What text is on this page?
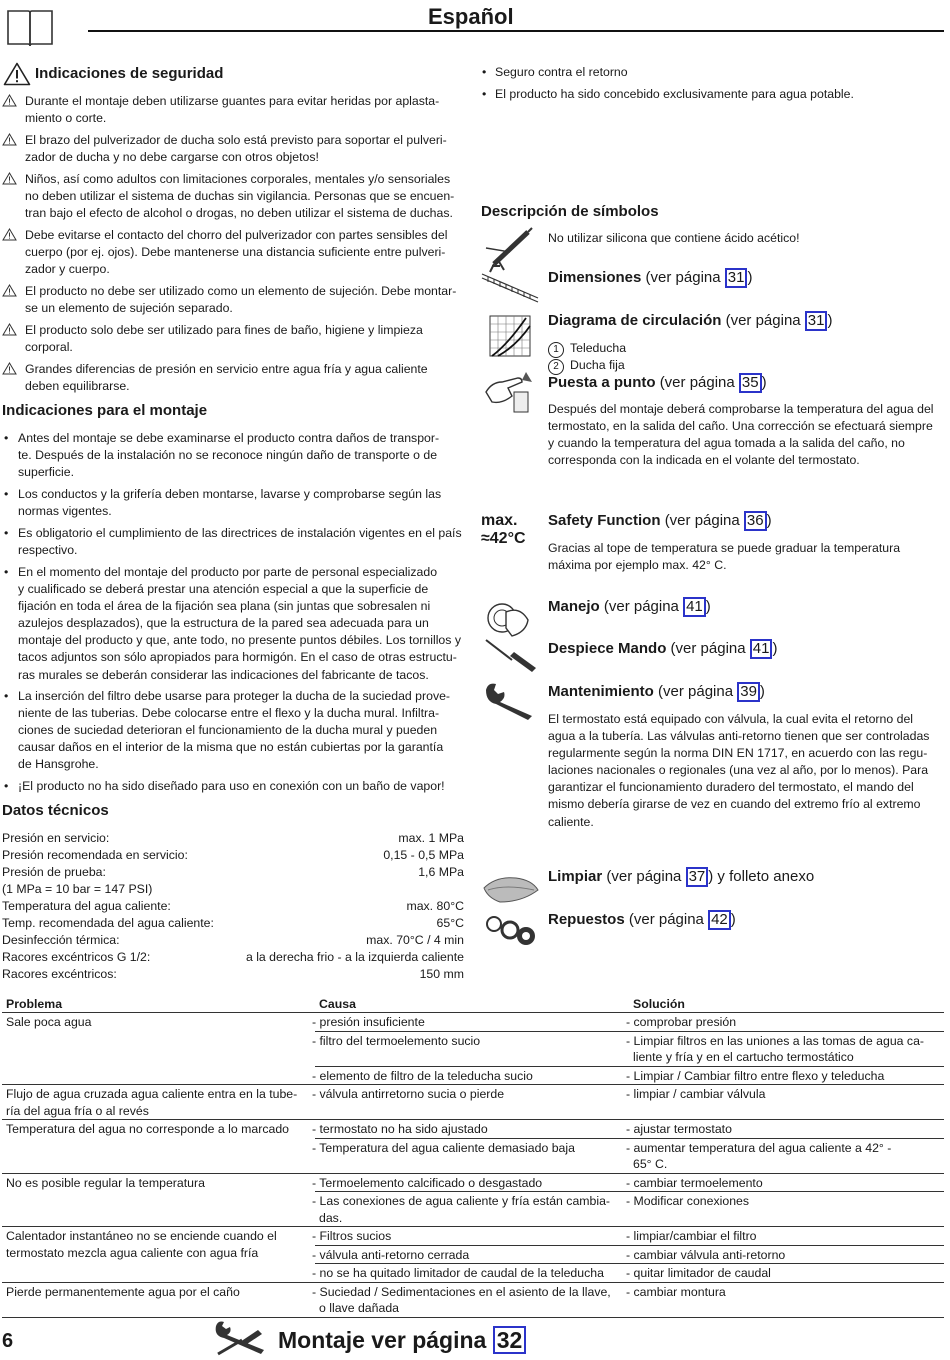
Español
Indicaciones de seguridad
Durante el montaje deben utilizarse guantes para evitar heridas por aplasta-
miento o corte.
El brazo del pulverizador de ducha solo está previsto para soportar el pulveri-
zador de ducha y no debe cargarse con otros objetos!
Niños, así como adultos con limitaciones corporales, mentales y/o sensoriales
no deben utilizar el sistema de duchas sin vigilancia. Personas que se encuen-
tran bajo el efecto de alcohol o drogas, no deben utilizar el sistema de duchas.
Debe evitarse el contacto del chorro del pulverizador con partes sensibles del
cuerpo (por ej. ojos). Debe mantenerse una distancia suficiente entre pulveri-
zador y cuerpo.
El producto no debe ser utilizado como un elemento de sujeción. Debe montar-
se un elemento de sujeción separado.
El producto solo debe ser utilizado para fines de baño, higiene y limpieza
corporal.
Grandes diferencias de presión en servicio entre agua fría y agua caliente
deben equilibrarse.
Indicaciones para el montaje
• Antes del montaje se debe examinarse el producto contra daños de transpor-
te. Después de la instalación no se reconoce ningún daño de transporte o de
superficie.
• Los conductos y la grifería deben montarse, lavarse y comprobarse según las
normas vigentes.
• Es obligatorio el cumplimiento de las directrices de instalación vigentes en el país
respectivo.
• En el momento del montaje del producto por parte de personal especializado
y cualificado se deberá prestar una atención especial a que la superficie de
fijación en toda el área de la fijación sea plana (sin juntas que sobresalen ni
azulejos desplazados), que la estructura de la pared sea adecuada para un
montaje del producto y que, ante todo, no presente puntos débiles. Los tornillos y
tacos adjuntos son sólo apropiados para hormigón. En el caso de otras estructu-
ras murales se deberán considerar las indicaciones del fabricante de tacos.
• La inserción del filtro debe usarse para proteger la ducha de la suciedad prove-
niente de las tuberias. Debe colocarse entre el flexo y la ducha mural. Infiltra-
ciones de suciedad deterioran el funcionamiento de la ducha mural y pueden
causar daños en el interior de la misma que no están cubiertas por la garantía
de Hansgrohe.
• ¡El producto no ha sido diseñado para uso en conexión con un baño de vapor!
Datos técnicos
Presión en servicio:	max. 1 MPa
Presión recomendada en servicio:	0,15 - 0,5 MPa
Presión de prueba:	1,6 MPa
(1 MPa = 10 bar = 147 PSI)
Temperatura del agua caliente:	max. 80°C
Temp. recomendada del agua caliente:	65°C
Desinfección térmica:	max. 70°C / 4 min
Racores excéntricos G 1/2:	a la derecha frio - a la izquierda caliente
Racores excéntricos:	150 mm
• Seguro contra el retorno
• El producto ha sido concebido exclusivamente para agua potable.
Descripción de símbolos
max.
≈42°C
No utilizar silicona que contiene ácido acético!
Dimensiones (ver página 31 )
Diagrama de circulación (ver página 31 )
1 Teleducha
2 Ducha fija
Puesta a punto (ver página 35 )
Después del montaje deberá comprobarse la temperatura del agua del
termostato, en la salida del caño. Una corrección se efectuará siempre
y cuando la temperatura del agua tomada a la salida del caño, no
corresponda con la indicada en el volante del termostato.
Safety Function (ver página 36 )
Gracias al tope de temperatura se puede graduar la temperatura
máxima por ejemplo max. 42° C.
Manejo (ver página 41 )
Despiece Mando (ver página 41 )
Mantenimiento (ver página 39 )
El termostato está equipado con válvula, la cual evita el retorno del
agua a la tubería. Las válvulas anti-retorno tienen que ser controladas
regularmente según la norma DIN EN 1717, en acuerdo con las regu-
laciones nacionales o regionales (una vez al año, por lo menos). Para
garantizar el funcionamiento duradero del termostato, el mando del
mismo debería girarse de vez en cuando del extremo frío al extremo
caliente.
Limpiar (ver página 37 ) y folleto anexo
Repuestos (ver página 42 )
Problema	Causa	Solución
Sale poca agua	- presión insuficiente	- comprobar presión
	- filtro del termoelemento sucio	- Limpiar filtros en las uniones a las tomas de agua ca-
liente y fría y en el cartucho termostático
	- elemento de filtro de la teleducha sucio	- Limpiar / Cambiar filtro entre flexo y teleducha
Flujo de agua cruzada agua caliente entra en la tube-
ría del agua fría o al revés	- válvula antirretorno sucia o pierde	- limpiar / cambiar válvula
Temperatura del agua no corresponde a lo marcado	- termostato no ha sido ajustado	- ajustar termostato
	- Temperatura del agua caliente demasiado baja	- aumentar temperatura del agua caliente a 42° -
65° C.
No es posible regular la temperatura	- Termoelemento calcificado o desgastado	- cambiar termoelemento
	- Las conexiones de agua caliente y fría están cambia-
das.	- Modificar conexiones
Calentador instantáneo no se enciende cuando el
termostato mezcla agua caliente con agua fría	- Filtros sucios	- limpiar/cambiar el filtro
	- válvula anti-retorno cerrada	- cambiar válvula anti-retorno
	- no se ha quitado limitador de caudal de la teleducha	- quitar limitador de caudal
Pierde permanentemente agua por el caño	- Suciedad / Sedimentaciones en el asiento de la llave,
o llave dañada	- cambiar montura
6	Montaje ver página 32
